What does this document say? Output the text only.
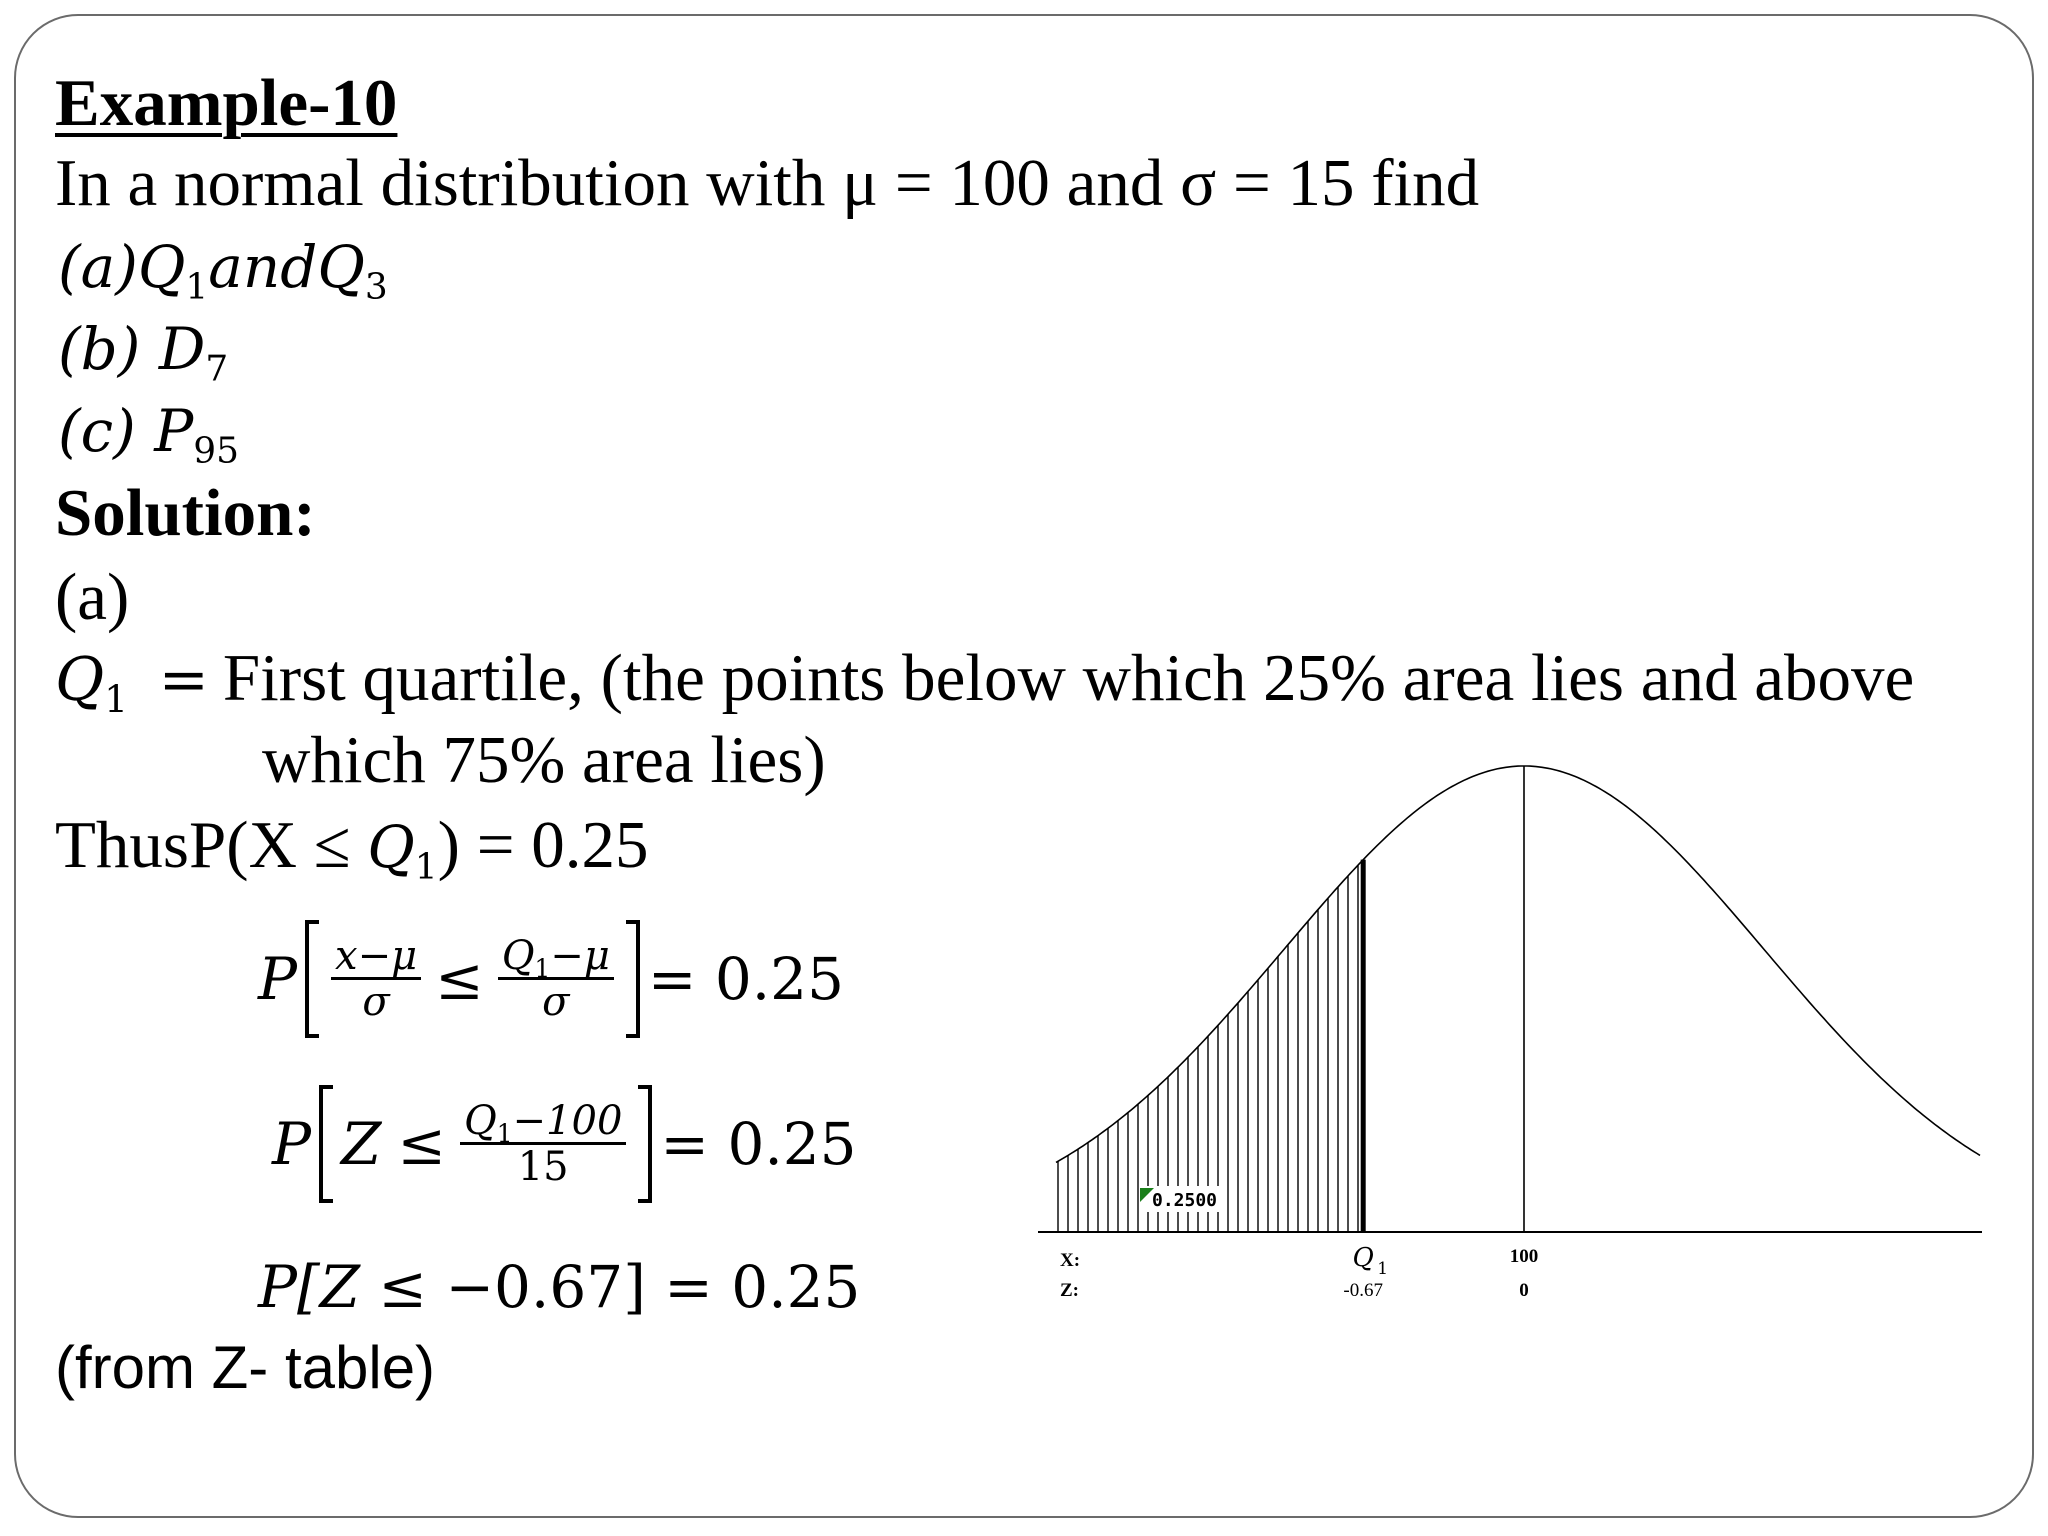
Example-10
In a normal distribution with μ = 100 and σ = 15 find
$(a)Q_1andQ_3$
(b) $D_7$
(c) $P_{95}$
Solution:
(a)
$Q_1$ = First quartile, (the points below which 25% area lies and above
which 75% area lies)
ThusP(X ≤ $Q_1) = 0.25$
P $\frac{x-\mu}{\sigma} \le \frac{Q_1-\mu}{\sigma} = 0.25$
P $Z \le \frac{Q_1-100}{15} = 0.25$
P[Z ≤ −0.67] = 0.25
(from Z- table)
0.2500
X:
Z:
Q 1
-0.67
100
0
